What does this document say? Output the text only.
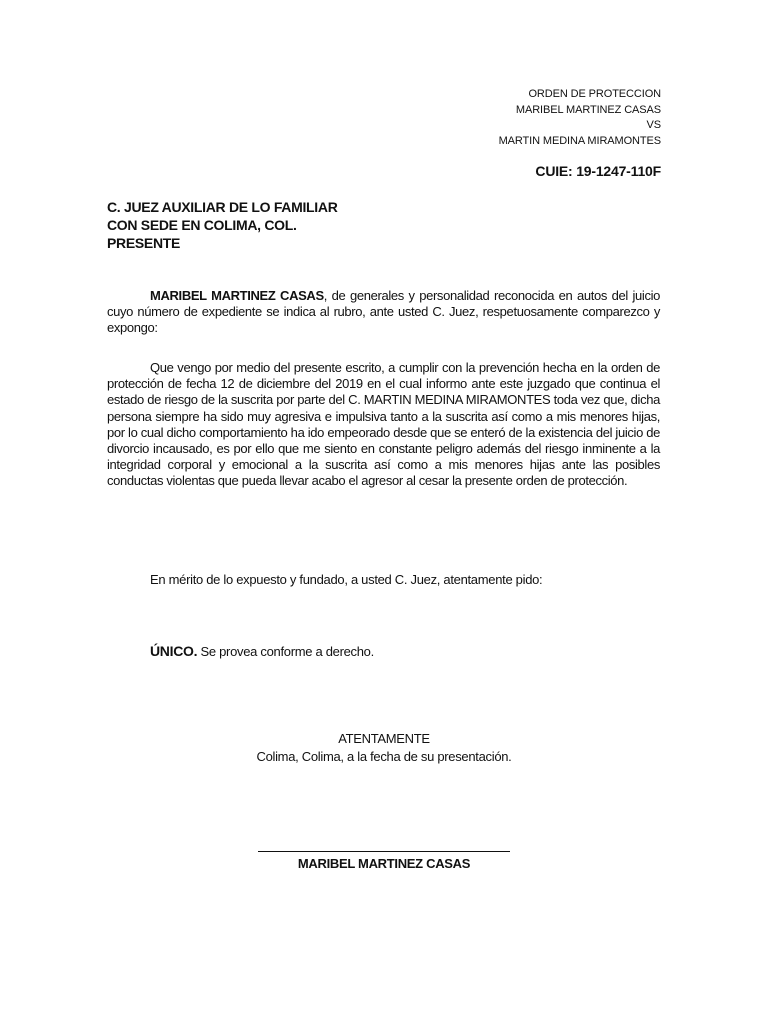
ORDEN DE PROTECCION
MARIBEL MARTINEZ CASAS
VS
MARTIN MEDINA MIRAMONTES
CUIE: 19-1247-110F
C. JUEZ AUXILIAR DE LO FAMILIAR
CON SEDE EN COLIMA, COL.
PRESENTE
MARIBEL MARTINEZ CASAS, de generales y personalidad reconocida en autos del juicio cuyo número de expediente se indica al rubro, ante usted C. Juez, respetuosamente comparezco y expongo:
Que vengo por medio del presente escrito, a cumplir con la prevención hecha en la orden de protección de fecha 12 de diciembre del 2019 en el cual informo ante este juzgado que continua el estado de riesgo de la suscrita por parte del C. MARTIN MEDINA MIRAMONTES toda vez que, dicha persona siempre ha sido muy agresiva e impulsiva tanto a la suscrita así como a mis menores hijas, por lo cual dicho comportamiento ha ido empeorado desde que se enteró de la existencia del juicio de divorcio incausado, es por ello que me siento en constante peligro además del riesgo inminente a la integridad corporal y emocional a la suscrita así como a mis menores hijas ante las posibles conductas violentas que pueda llevar acabo el agresor al cesar la presente orden de protección.
En mérito de lo expuesto y fundado, a usted C. Juez, atentamente pido:
ÚNICO. Se provea conforme a derecho.
ATENTAMENTE
Colima, Colima, a la fecha de su presentación.
MARIBEL MARTINEZ CASAS
